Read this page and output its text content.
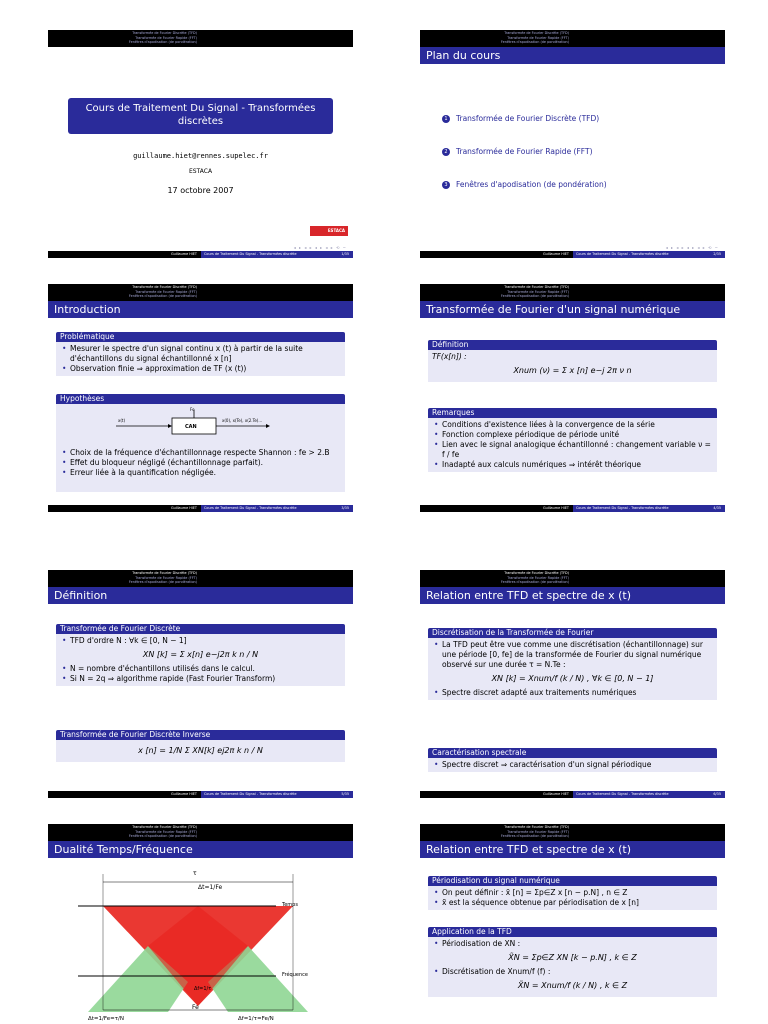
Transformée de Fourier Discrète (TFD)
Transformée de Fourier Rapide (FFT)
Fenêtres d'apodisation (de pondération)
Cours de Traitement Du Signal - Transformées discrètes
guillaume.hiet@rennes.supelec.fr
ESTACA
17 octobre 2007
ESTACA
◂ ▸ ◂ ▸ ◂ ▸ ◂ ▸ ⟲ ∽
Guillaume HIET	Cours de Traitement Du Signal - Transformées discrète	1/35
Transformée de Fourier Discrète (TFD)
Transformée de Fourier Rapide (FFT)
Fenêtres d'apodisation (de pondération)
Plan du cours
1 Transformée de Fourier Discrète (TFD)
2 Transformée de Fourier Rapide (FFT)
3 Fenêtres d'apodisation (de pondération)
◂ ▸ ◂ ▸ ◂ ▸ ◂ ▸ ⟲ ∽
Guillaume HIET	Cours de Traitement Du Signal - Transformées discrète	2/35
Transformée de Fourier Discrète (TFD)
Transformée de Fourier Rapide (FFT)
Fenêtres d'apodisation (de pondération)
Introduction
Problématique
• Mesurer le spectre d'un signal continu x (t) à partir de la suite d'échantillons du signal échantillonné x [n]
• Observation finie ⇒ approximation de TF (x (t))
Hypothèses
x(t)
Fe
CAN
x(0), x(Te), x(2.Te)...
• Choix de la fréquence d'échantillonnage respecte Shannon : fe > 2.B
• Effet du bloqueur négligé (échantillonnage parfait).
• Erreur liée à la quantification négligée.
Guillaume HIET	Cours de Traitement Du Signal - Transformées discrète	3/35
Transformée de Fourier Discrète (TFD)
Transformée de Fourier Rapide (FFT)
Fenêtres d'apodisation (de pondération)
Transformée de Fourier d'un signal numérique
Définition
TF(x[n]) :
Xnum (ν) = Σ x [n] e−j 2π ν n
Remarques
• Conditions d'existence liées à la convergence de la série
• Fonction complexe périodique de période unité
• Lien avec le signal analogique échantillonné : changement variable ν = f / fe
• Inadapté aux calculs numériques ⇒ intérêt théorique
Guillaume HIET	Cours de Traitement Du Signal - Transformées discrète	4/35
Transformée de Fourier Discrète (TFD)
Transformée de Fourier Rapide (FFT)
Fenêtres d'apodisation (de pondération)
Définition
Transformée de Fourier Discrète
• TFD d'ordre N : ∀k ∈ [0, N − 1]
XN [k] = Σ x[n] e−j2π k n / N
• N = nombre d'échantillons utilisés dans le calcul.
• Si N = 2q ⇒ algorithme rapide (Fast Fourier Transform)
Transformée de Fourier Discrète Inverse
x [n] = 1/N Σ XN[k] ej2π k n / N
Guillaume HIET	Cours de Traitement Du Signal - Transformées discrète	5/35
Transformée de Fourier Discrète (TFD)
Transformée de Fourier Rapide (FFT)
Fenêtres d'apodisation (de pondération)
Relation entre TFD et spectre de x (t)
Discrétisation de la Transformée de Fourier
• La TFD peut être vue comme une discrétisation (échantillonnage) sur une période [0, fe] de la transformée de Fourier du signal numérique observé sur une durée τ = N.Te :
XN [k] = Xnum/f (k / N) , ∀k ∈ [0, N − 1]
• Spectre discret adapté aux traitements numériques
Caractérisation spectrale
• Spectre discret ⇒ caractérisation d'un signal périodique
Guillaume HIET	Cours de Traitement Du Signal - Transformées discrète	6/35
Transformée de Fourier Discrète (TFD)
Transformée de Fourier Rapide (FFT)
Fenêtres d'apodisation (de pondération)
Dualité Temps/Fréquence
τ
Δt=1/Fe
Temps
Fréquence
Δf=1/τ
Fe
Δt=1/Fe=τ/N	Δf=1/τ=Fe/N
Transformée de Fourier Discrète (TFD)
Transformée de Fourier Rapide (FFT)
Fenêtres d'apodisation (de pondération)
Relation entre TFD et spectre de x (t)
Périodisation du signal numérique
• On peut définir : x̃ [n] = Σp∈Z x [n − p.N] , n ∈ Z
• x̃ est la séquence obtenue par périodisation de x [n]
Application de la TFD
• Périodisation de XN :
X̃N = Σp∈Z XN [k − p.N] , k ∈ Z
• Discrétisation de Xnum/f (f) :
X̃N = Xnum/f (k / N) , k ∈ Z
